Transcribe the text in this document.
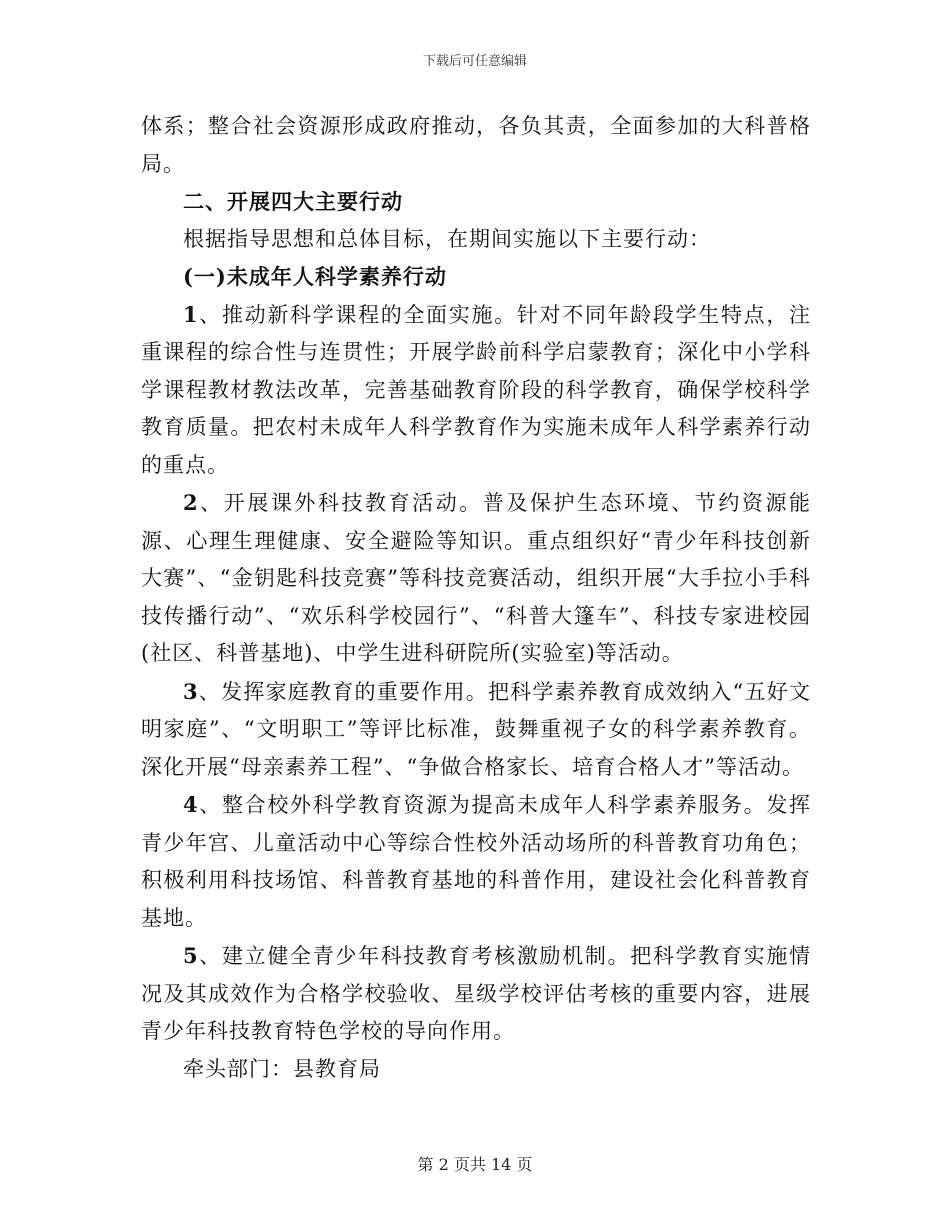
下载后可任意编辑

体系；整合社会资源形成政府推动，各负其责，全面参加的大科普格局。

二、开展四大主要行动

根据指导思想和总体目标，在期间实施以下主要行动：

(一)未成年人科学素养行动

1、推动新科学课程的全面实施。针对不同年龄段学生特点，注重课程的综合性与连贯性；开展学龄前科学启蒙教育；深化中小学科学课程教材教法改革，完善基础教育阶段的科学教育，确保学校科学教育质量。把农村未成年人科学教育作为实施未成年人科学素养行动的重点。

2、开展课外科技教育活动。普及保护生态环境、节约资源能源、心理生理健康、安全避险等知识。重点组织好“青少年科技创新大赛”、“金钥匙科技竞赛”等科技竞赛活动，组织开展“大手拉小手科技传播行动”、“欢乐科学校园行”、“科普大篷车”、科技专家进校园(社区、科普基地)、中学生进科研院所(实验室)等活动。

3、发挥家庭教育的重要作用。把科学素养教育成效纳入“五好文明家庭”、“文明职工”等评比标准，鼓舞重视子女的科学素养教育。深化开展“母亲素养工程”、“争做合格家长、培育合格人才”等活动。

4、整合校外科学教育资源为提高未成年人科学素养服务。发挥青少年宫、儿童活动中心等综合性校外活动场所的科普教育功角色；积极利用科技场馆、科普教育基地的科普作用，建设社会化科普教育基地。

5、建立健全青少年科技教育考核激励机制。把科学教育实施情况及其成效作为合格学校验收、星级学校评估考核的重要内容，进展青少年科技教育特色学校的导向作用。

牵头部门：县教育局

第 2 页共 14 页
